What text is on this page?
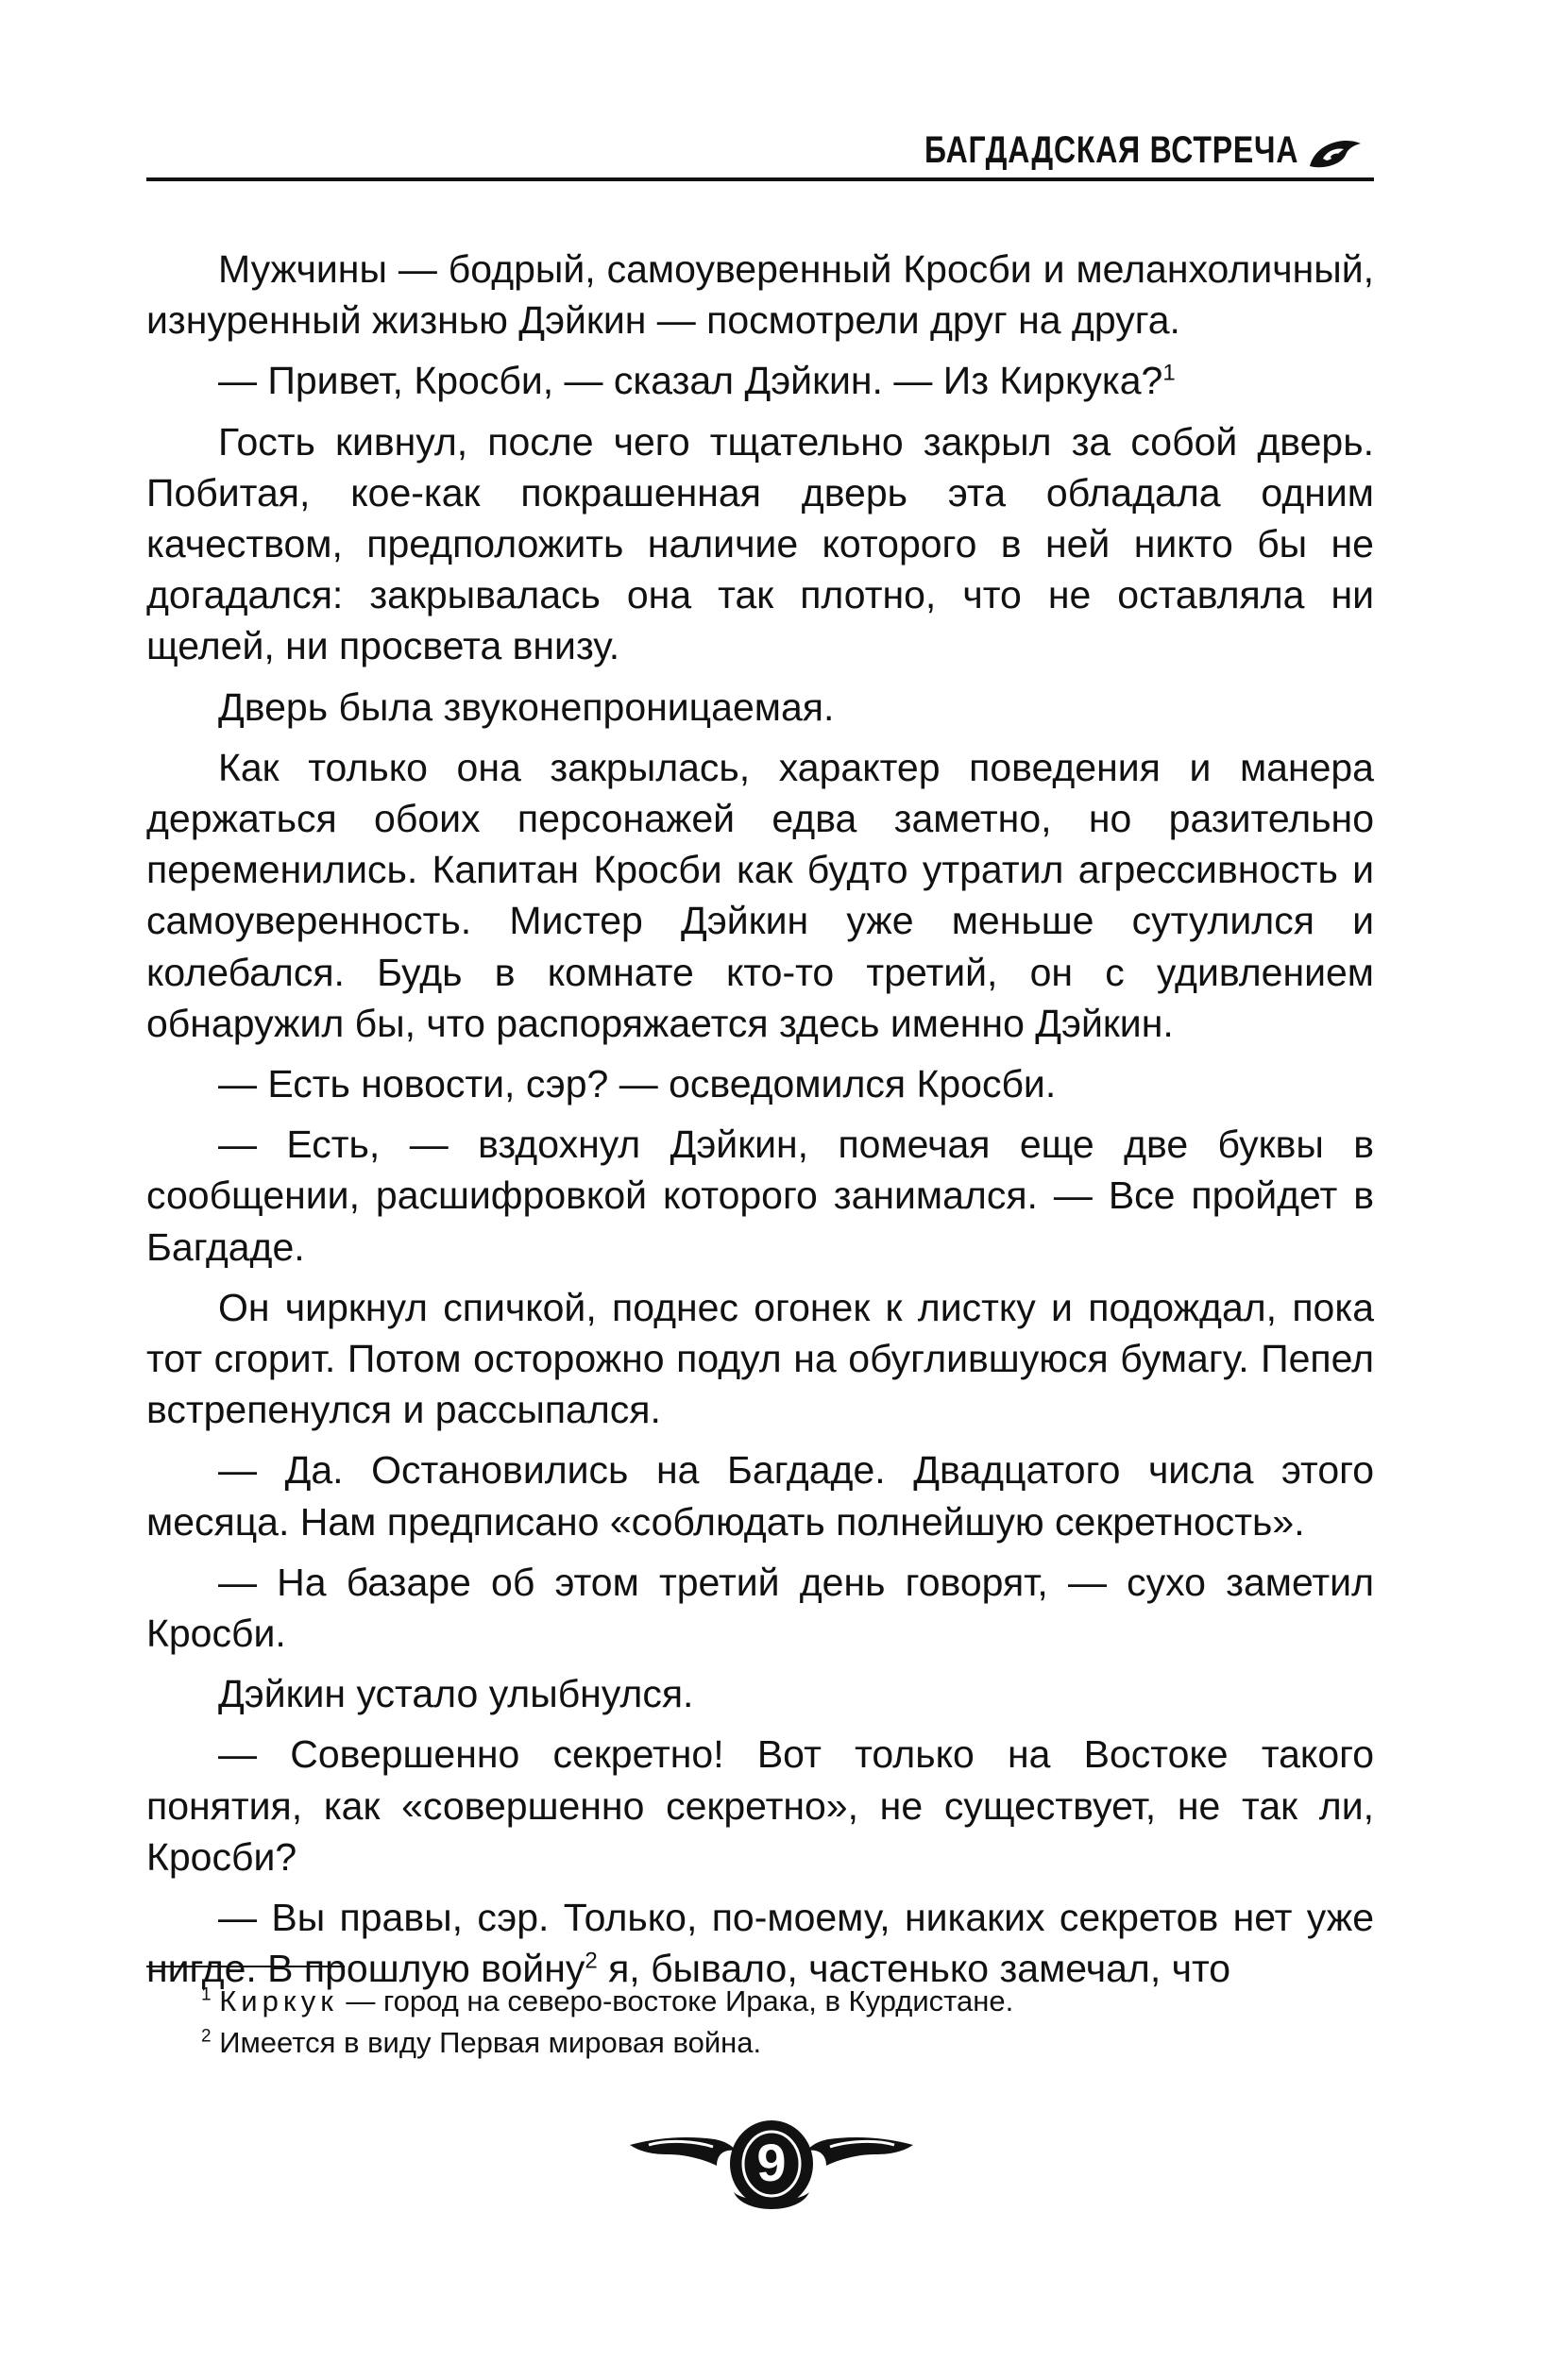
БАГДАДСКАЯ ВСТРЕЧА

Мужчины — бодрый, самоуверенный Кросби и меланхоличный, изнуренный жизнью Дэйкин — посмотрели друг на друга.

— Привет, Кросби, — сказал Дэйкин. — Из Киркука?$^1$

Гость кивнул, после чего тщательно закрыл за собой дверь. Побитая, кое-как покрашенная дверь эта обладала одним качеством, предположить наличие которого в ней никто бы не догадался: закрывалась она так плотно, что не оставляла ни щелей, ни просвета внизу.

Дверь была звуконепроницаемая.

Как только она закрылась, характер поведения и манера держаться обоих персонажей едва заметно, но разительно переменились. Капитан Кросби как будто утратил агрессивность и самоуверенность. Мистер Дэйкин уже меньше сутулился и колебался. Будь в комнате кто-то третий, он с удивлением обнаружил бы, что распоряжается здесь именно Дэйкин.

— Есть новости, сэр? — осведомился Кросби.

— Есть, — вздохнул Дэйкин, помечая еще две буквы в сообщении, расшифровкой которого занимался. — Все пройдет в Багдаде.

Он чиркнул спичкой, поднес огонек к листку и подождал, пока тот сгорит. Потом осторожно подул на обуглившуюся бумагу. Пепел встрепенулся и рассыпался.

— Да. Остановились на Багдаде. Двадцатого числа этого месяца. Нам предписано «соблюдать полнейшую секретность».

— На базаре об этом третий день говорят, — сухо заметил Кросби.

Дэйкин устало улыбнулся.

— Совершенно секретно! Вот только на Востоке такого понятия, как «совершенно секретно», не существует, не так ли, Кросби?

— Вы правы, сэр. Только, по-моему, никаких секретов нет уже нигде. В прошлую войну$^2$ я, бывало, частенько замечал, что

$^1$ Киркук — город на северо-востоке Ирака, в Курдистане.

$^2$ Имеется в виду Первая мировая война.

9
